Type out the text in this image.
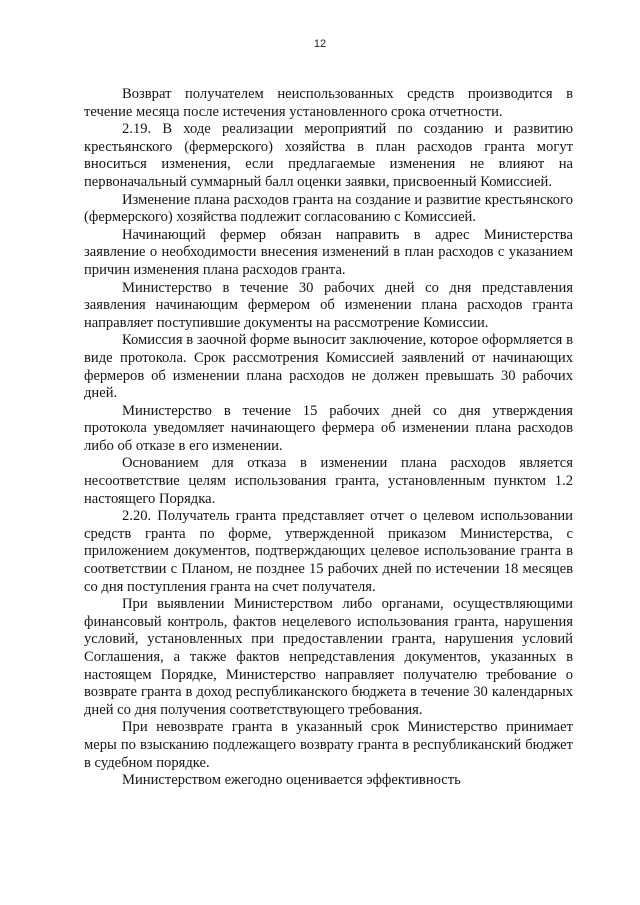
12

Возврат получателем неиспользованных средств производится в течение месяца после истечения установленного срока отчетности.

2.19. В ходе реализации мероприятий по созданию и развитию крестьянского (фермерского) хозяйства в план расходов гранта могут вноситься изменения, если предлагаемые изменения не влияют на первоначальный суммарный балл оценки заявки, присвоенный Комиссией.

Изменение плана расходов гранта на создание и развитие крестьянского (фермерского) хозяйства подлежит согласованию с Комиссией.

Начинающий фермер обязан направить в адрес Министерства заявление о необходимости внесения изменений в план расходов с указанием причин изменения плана расходов гранта.

Министерство в течение 30 рабочих дней со дня представления заявления начинающим фермером об изменении плана расходов гранта направляет поступившие документы на рассмотрение Комиссии.

Комиссия в заочной форме выносит заключение, которое оформляется в виде протокола. Срок рассмотрения Комиссией заявлений от начинающих фермеров об изменении плана расходов не должен превышать 30 рабочих дней.

Министерство в течение 15 рабочих дней со дня утверждения протокола уведомляет начинающего фермера об изменении плана расходов либо об отказе в его изменении.

Основанием для отказа в изменении плана расходов является несоответствие целям использования гранта, установленным пунктом 1.2 настоящего Порядка.

2.20. Получатель гранта представляет отчет о целевом использовании средств гранта по форме, утвержденной приказом Министерства, с приложением документов, подтверждающих целевое использование гранта в соответствии с Планом, не позднее 15 рабочих дней по истечении 18 месяцев со дня поступления гранта на счет получателя.

При выявлении Министерством либо органами, осуществляющими финансовый контроль, фактов нецелевого использования гранта, нарушения условий, установленных при предоставлении гранта, нарушения условий Соглашения, а также фактов непредставления документов, указанных в настоящем Порядке, Министерство направляет получателю требование о возврате гранта в доход республиканского бюджета в течение 30 календарных дней со дня получения соответствующего требования.

При невозврате гранта в указанный срок Министерство принимает меры по взысканию подлежащего возврату гранта в республиканский бюджет в судебном порядке.

Министерством ежегодно оценивается эффективность
